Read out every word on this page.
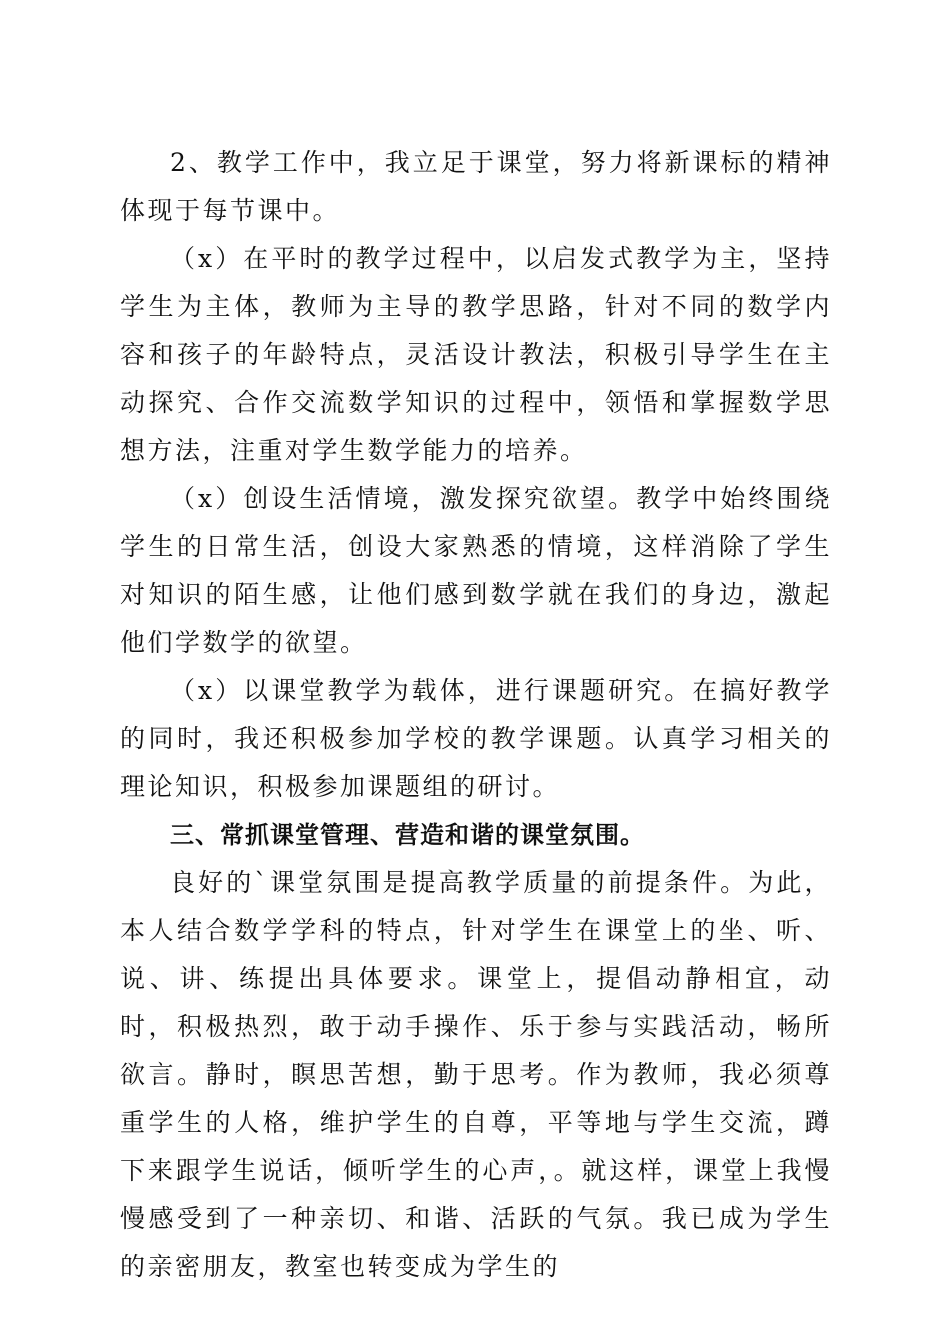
2、教学工作中，我立足于课堂，努力将新课标的精神体现于每节课中。

（x）在平时的教学过程中，以启发式教学为主，坚持学生为主体，教师为主导的教学思路，针对不同的数学内容和孩子的年龄特点，灵活设计教法，积极引导学生在主动探究、合作交流数学知识的过程中，领悟和掌握数学思想方法，注重对学生数学能力的培养。

（x）创设生活情境，激发探究欲望。教学中始终围绕学生的日常生活，创设大家熟悉的情境，这样消除了学生对知识的陌生感，让他们感到数学就在我们的身边，激起他们学数学的欲望。

（x）以课堂教学为载体，进行课题研究。在搞好教学的同时，我还积极参加学校的教学课题。认真学习相关的理论知识，积极参加课题组的研讨。

三、常抓课堂管理、营造和谐的课堂氛围。

良好的`课堂氛围是提高教学质量的前提条件。为此，本人结合数学学科的特点，针对学生在课堂上的坐、听、说、讲、练提出具体要求。课堂上，提倡动静相宜，动时，积极热烈，敢于动手操作、乐于参与实践活动，畅所欲言。静时，瞑思苦想，勤于思考。作为教师，我必须尊重学生的人格，维护学生的自尊，平等地与学生交流，蹲下来跟学生说话，倾听学生的心声，。就这样，课堂上我慢慢感受到了一种亲切、和谐、活跃的气氛。我已成为学生的亲密朋友，教室也转变成为学生的
